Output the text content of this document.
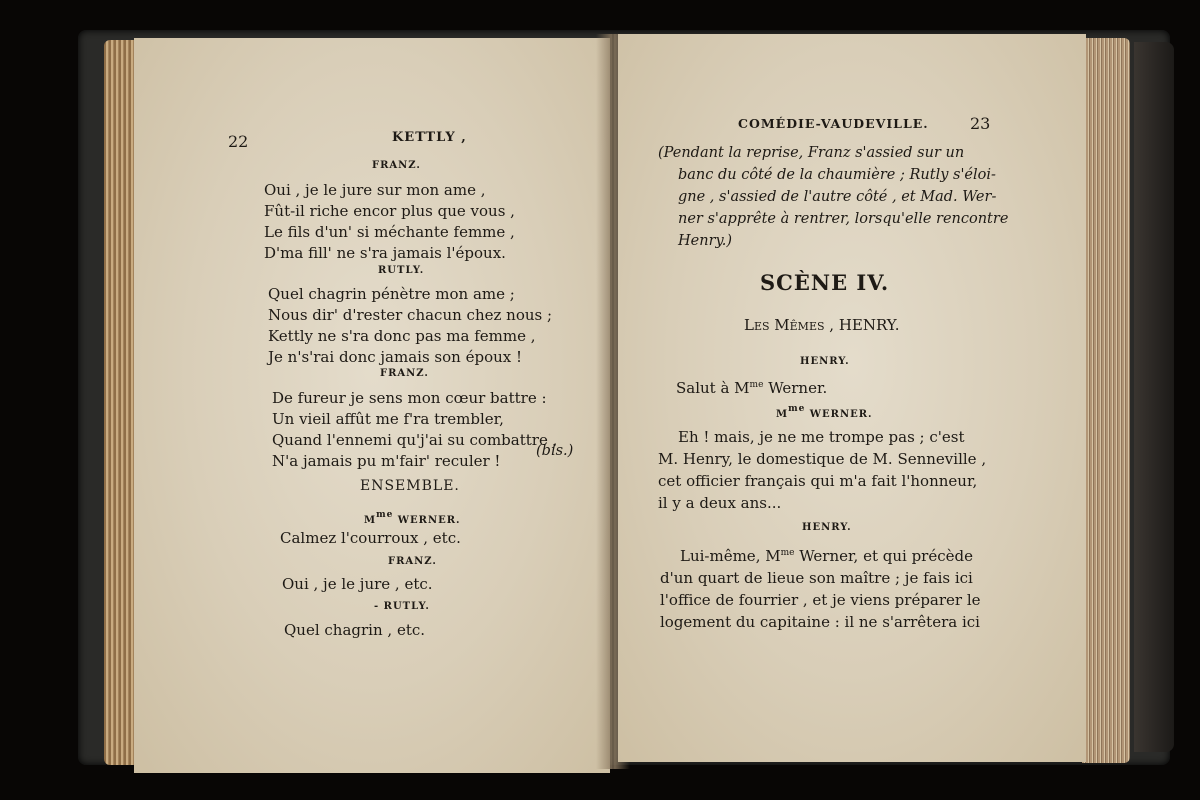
22	KETTLY ,
FRANZ.
Oui , je le jure sur mon ame ,
Fût-il riche encor plus que vous ,
Le fils d'un' si méchante femme ,
D'ma fill' ne s'ra jamais l'époux.
RUTLY.
Quel chagrin pénètre mon ame ;
Nous dir' d'rester chacun chez nous ;
Kettly ne s'ra donc pas ma femme ,
Je n's'rai donc jamais son époux !
FRANZ.
De fureur je sens mon cœur battre :
Un vieil affût me f'ra trembler,
Quand l'ennemi qu'j'ai su combattre ,
N'a jamais pu m'fair' reculer !
(bis.)
ENSEMBLE.
Mme WERNER.
Calmez l'courroux , etc.
FRANZ.
Oui , je le jure , etc.
- RUTLY.
Quel chagrin , etc.
COMÉDIE-VAUDEVILLE.	23
(Pendant la reprise, Franz s'assied sur un
banc du côté de la chaumière ; Rutly s'éloi-
gne , s'assied de l'autre côté , et Mad. Wer-
ner s'apprête à rentrer, lorsqu'elle rencontre
Henry.)
SCÈNE IV.
Les Mêmes , HENRY.
HENRY.
Salut à $M^{me}$ Werner.
Mme WERNER.
Eh ! mais, je ne me trompe pas ; c'est
M. Henry, le domestique de M. Senneville ,
cet officier français qui m'a fait l'honneur,
il y a deux ans...
HENRY.
Lui-même, $M^{me}$ Werner, et qui précède
d'un quart de lieue son maître ; je fais ici
l'office de fourrier , et je viens préparer le
logement du capitaine : il ne s'arrêtera ici
